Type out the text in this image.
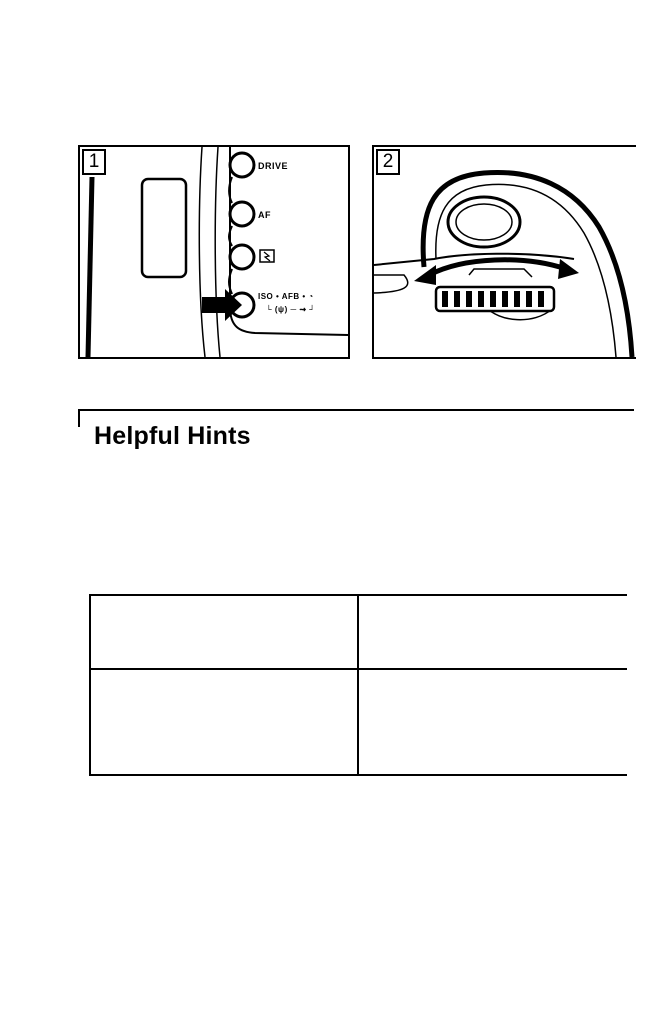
1	DRIVE
AF
ISO • AFB • ◔
└ (ψ) ─ ⇝ ┘
2
Helpful Hints
